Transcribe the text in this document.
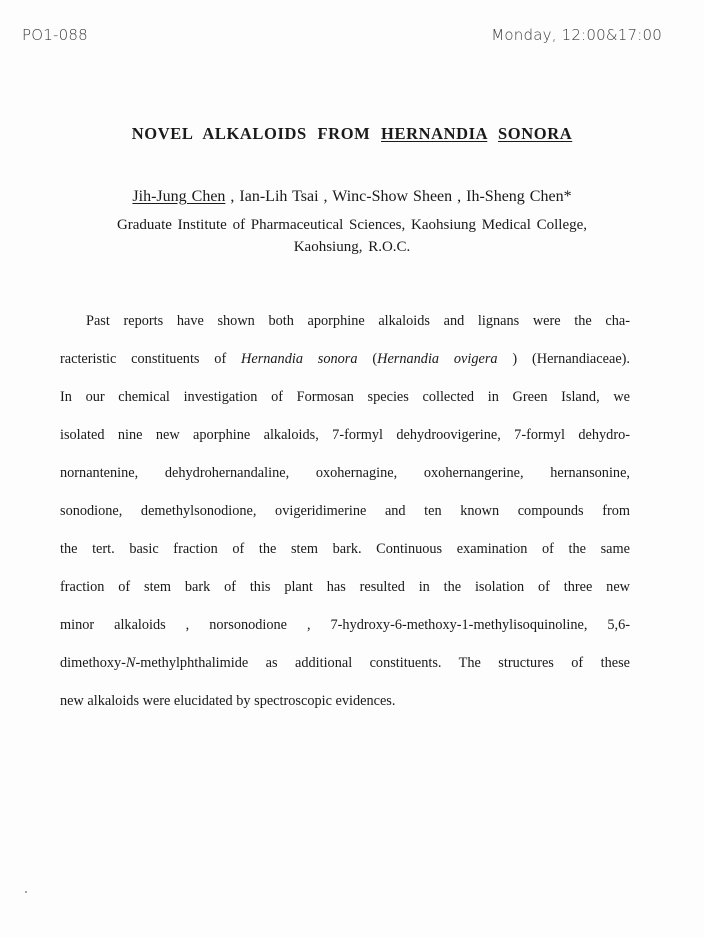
PO1-088	Monday, 12:00&17:00
NOVEL ALKALOIDS FROM HERNANDIA SONORA
Jih-Jung Chen , Ian-Lih Tsai , Winc-Show Sheen , Ih-Sheng Chen*
Graduate Institute of Pharmaceutical Sciences, Kaohsiung Medical College,
Kaohsiung, R.O.C.
Past reports have shown both aporphine alkaloids and lignans were the cha-
racteristic constituents of Hernandia sonora (Hernandia ovigera ) (Hernandiaceae).
In our chemical investigation of Formosan species collected in Green Island, we
isolated nine new aporphine alkaloids, 7-formyl dehydroovigerine, 7-formyl dehydro-
nornantenine, dehydrohernandaline, oxohernagine, oxohernangerine, hernansonine,
sonodione, demethylsonodione, ovigeridimerine and ten known compounds from
the tert. basic fraction of the stem bark. Continuous examination of the same
fraction of stem bark of this plant has resulted in the isolation of three new
minor alkaloids , norsonodione , 7-hydroxy-6-methoxy-1-methylisoquinoline, 5,6-
dimethoxy-N-methylphthalimide as additional constituents. The structures of these
new alkaloids were elucidated by spectroscopic evidences.
